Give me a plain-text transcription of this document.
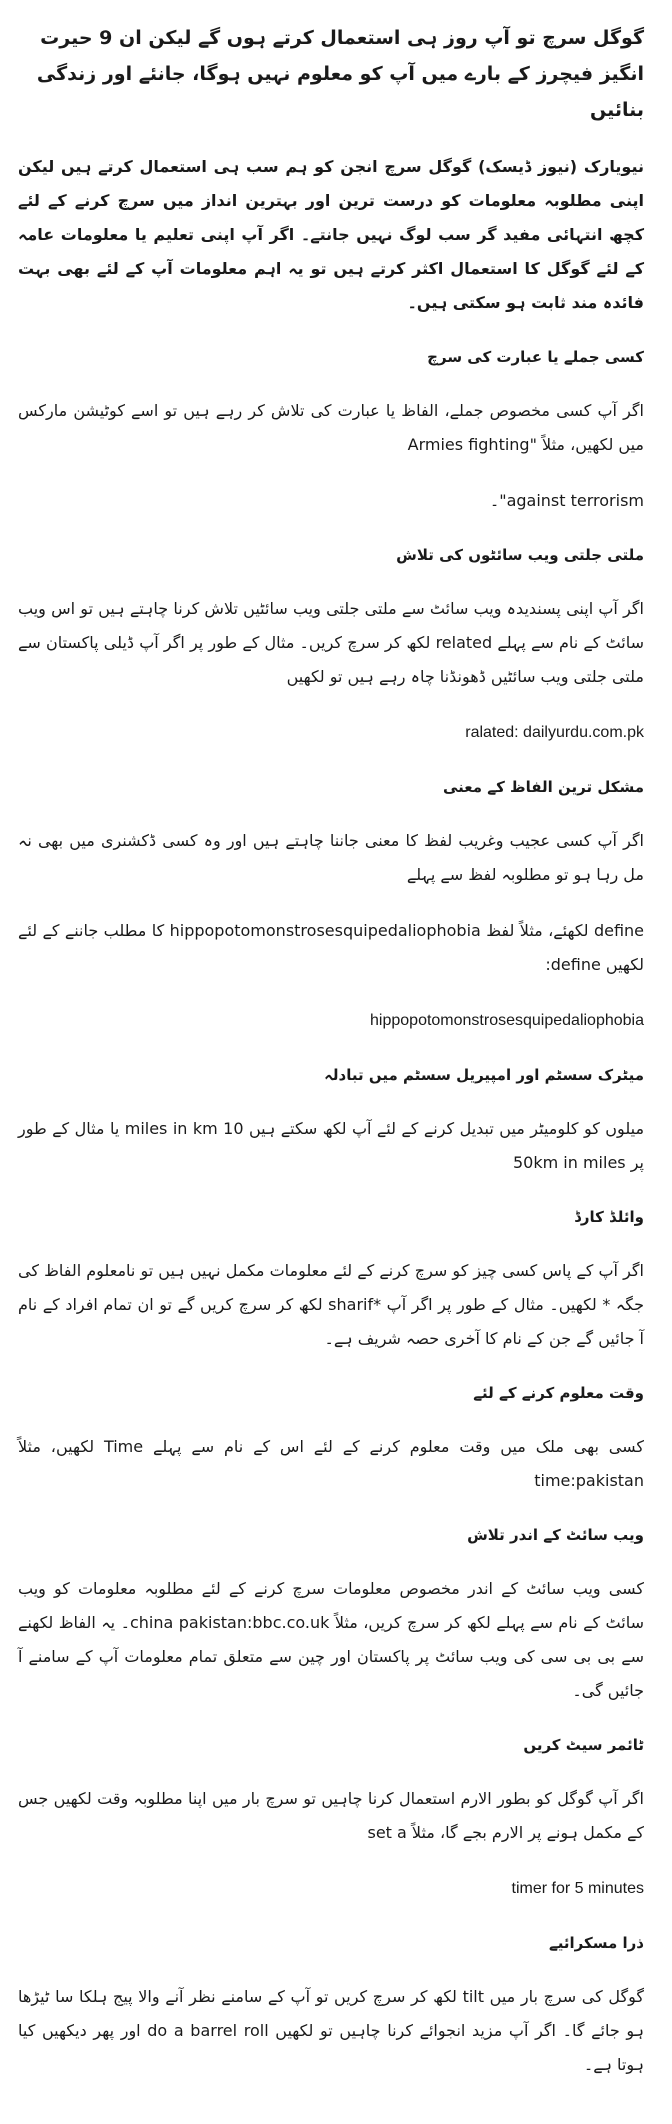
گوگل سرچ تو آپ روز ہی استعمال کرتے ہوں گے لیکن ان 9 حیرت انگیز فیچرز کے بارے میں آپ کو معلوم نہیں ہوگا، جانئے اور زندگی بنائیں
نیویارک (نیوز ڈیسک) گوگل سرچ انجن کو ہم سب ہی استعمال کرتے ہیں لیکن اپنی مطلوبہ معلومات کو درست ترین اور بہترین انداز میں سرچ کرنے کے لئے کچھ انتہائی مفید گر سب لوگ نہیں جانتے۔ اگر آپ اپنی تعلیم یا معلومات عامہ کے لئے گوگل کا استعمال اکثر کرتے ہیں تو یہ اہم معلومات آپ کے لئے بھی بہت فائدہ مند ثابت ہو سکتی ہیں۔
کسی جملے یا عبارت کی سرچ
اگر آپ کسی مخصوص جملے، الفاظ یا عبارت کی تلاش کر رہے ہیں تو اسے کوٹیشن مارکس میں لکھیں، مثلاً "Armies fighting
against terrorism"۔
ملتی جلتی ویب سائٹوں کی تلاش
اگر آپ اپنی پسندیدہ ویب سائٹ سے ملتی جلتی ویب سائٹیں تلاش کرنا چاہتے ہیں تو اس ویب سائٹ کے نام سے پہلے related لکھ کر سرچ کریں۔ مثال کے طور پر اگر آپ ڈیلی پاکستان سے ملتی جلتی ویب سائٹیں ڈھونڈنا چاہ رہے ہیں تو لکھیں
ralated: dailyurdu.com.pk
مشکل ترین الفاظ کے معنی
اگر آپ کسی عجیب وغریب لفظ کا معنی جاننا چاہتے ہیں اور وہ کسی ڈکشنری میں بھی نہ مل رہا ہو تو مطلوبہ لفظ سے پہلے
define لکھئے، مثلاً لفظ hippopotomonstrosesquipedaliophobia کا مطلب جاننے کے لئے لکھیں define:
hippopotomonstrosesquipedaliophobia
میٹرک سسٹم اور امپیریل سسٹم میں تبادلہ
میلوں کو کلومیٹر میں تبدیل کرنے کے لئے آپ لکھ سکتے ہیں miles in km 10 یا مثال کے طور پر 50km in miles
وائلڈ کارڈ
اگر آپ کے پاس کسی چیز کو سرچ کرنے کے لئے معلومات مکمل نہیں ہیں تو نامعلوم الفاظ کی جگہ * لکھیں۔ مثال کے طور پر اگر آپ *sharif لکھ کر سرچ کریں گے تو ان تمام افراد کے نام آ جائیں گے جن کے نام کا آخری حصہ شریف ہے۔
وقت معلوم کرنے کے لئے
کسی بھی ملک میں وقت معلوم کرنے کے لئے اس کے نام سے پہلے Time لکھیں، مثلاً time:pakistan
ویب سائٹ کے اندر تلاش
کسی ویب سائٹ کے اندر مخصوص معلومات سرچ کرنے کے لئے مطلوبہ معلومات کو ویب سائٹ کے نام سے پہلے لکھ کر سرچ کریں، مثلاً china pakistan:bbc.co.uk۔ یہ الفاظ لکھنے سے بی بی سی کی ویب سائٹ پر پاکستان اور چین سے متعلق تمام معلومات آپ کے سامنے آ جائیں گی۔
ٹائمر سیٹ کریں
اگر آپ گوگل کو بطور الارم استعمال کرنا چاہیں تو سرچ بار میں اپنا مطلوبہ وقت لکھیں جس کے مکمل ہونے پر الارم بجے گا، مثلاً set a
timer for 5 minutes
ذرا مسکرائیے
گوگل کی سرچ بار میں tilt لکھ کر سرچ کریں تو آپ کے سامنے نظر آنے والا پیج ہلکا سا ٹیڑھا ہو جائے گا۔ اگر آپ مزید انجوائے کرنا چاہیں تو لکھیں do a barrel roll اور پھر دیکھیں کیا ہوتا ہے۔
